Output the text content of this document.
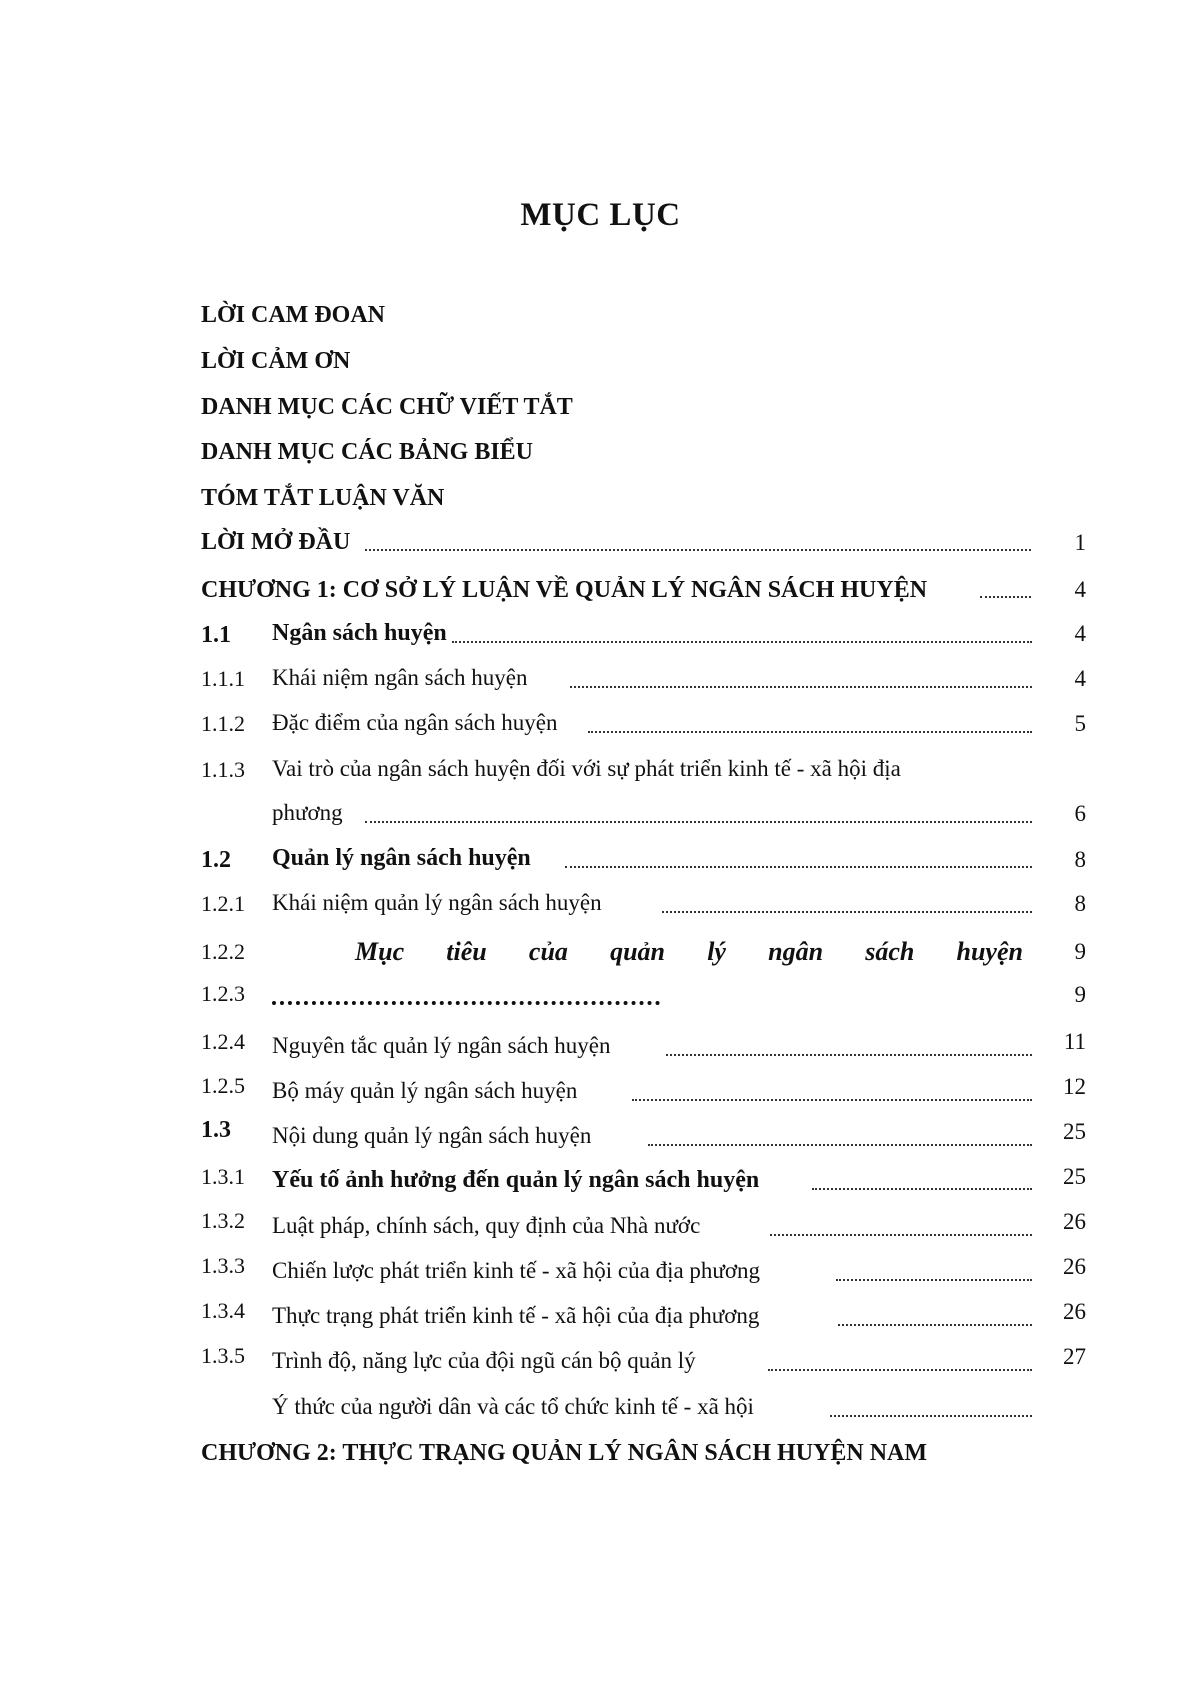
MỤC LỤC
LỜI CAM ĐOAN
LỜI CẢM ƠN
DANH MỤC CÁC CHỮ VIẾT TẮT
DANH MỤC CÁC BẢNG BIỂU
TÓM TẮT LUẬN VĂN
LỜI MỞ ĐẦU	1
CHƯƠNG 1: CƠ SỞ LÝ LUẬN VỀ QUẢN LÝ NGÂN SÁCH HUYỆN	4
1.1 Ngân sách huyện	4
1.1.1 Khái niệm ngân sách huyện	4
1.1.2 Đặc điểm của ngân sách huyện	5
1.1.3 Vai trò của ngân sách huyện đối với sự phát triển kinh tế - xã hội địa
phương	6
1.2 Quản lý ngân sách huyện	8
1.2.1 Khái niệm quản lý ngân sách huyện	8
1.2.2	Mục tiêu của quản lý ngân sách huyện 9
1.2.3	9
1.2.4 Nguyên tắc quản lý ngân sách huyện	11
1.2.5 Bộ máy quản lý ngân sách huyện	12
1.3 Nội dung quản lý ngân sách huyện	25
1.3.1 Yếu tố ảnh hưởng đến quản lý ngân sách huyện	25
1.3.2 Luật pháp, chính sách, quy định của Nhà nước	26
1.3.3 Chiến lược phát triển kinh tế - xã hội của địa phương	26
1.3.4 Thực trạng phát triển kinh tế - xã hội của địa phương	26
1.3.5 Trình độ, năng lực của đội ngũ cán bộ quản lý	27
Ý thức của người dân và các tổ chức kinh tế - xã hội
CHƯƠNG 2: THỰC TRẠNG QUẢN LÝ NGÂN SÁCH HUYỆN NAM
